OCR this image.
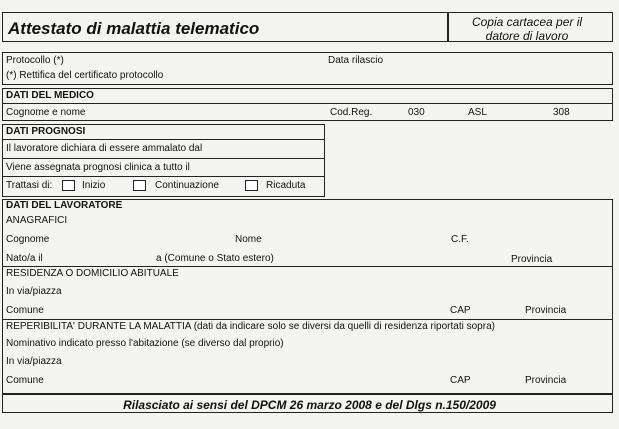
Attestato di malattia telematico	Copia cartacea per il
datore di lavoro
Protocollo (*)	Data rilascio
(*) Rettifica del certificato protocollo
DATI DEL MEDICO
Cognome e nome	Cod.Reg.	030	ASL	308
DATI PROGNOSI
Il lavoratore dichiara di essere ammalato dal
Viene assegnata prognosi clinica a tutto il
Trattasi di:	Inizio	Continuazione	Ricaduta
DATI DEL LAVORATORE
ANAGRAFICI
Cognome	Nome	C.F.
Nato/a il	a (Comune o Stato estero)	Provincia
RESIDENZA O DOMICILIO ABITUALE
In via/piazza
Comune	CAP	Provincia
REPERIBILITA' DURANTE LA MALATTIA (dati da indicare solo se diversi da quelli di residenza riportati sopra)
Nominativo indicato presso l'abitazione (se diverso dal proprio)
In via/piazza
Comune	CAP	Provincia
Rilasciato ai sensi del DPCM 26 marzo 2008 e del Dlgs n.150/2009
